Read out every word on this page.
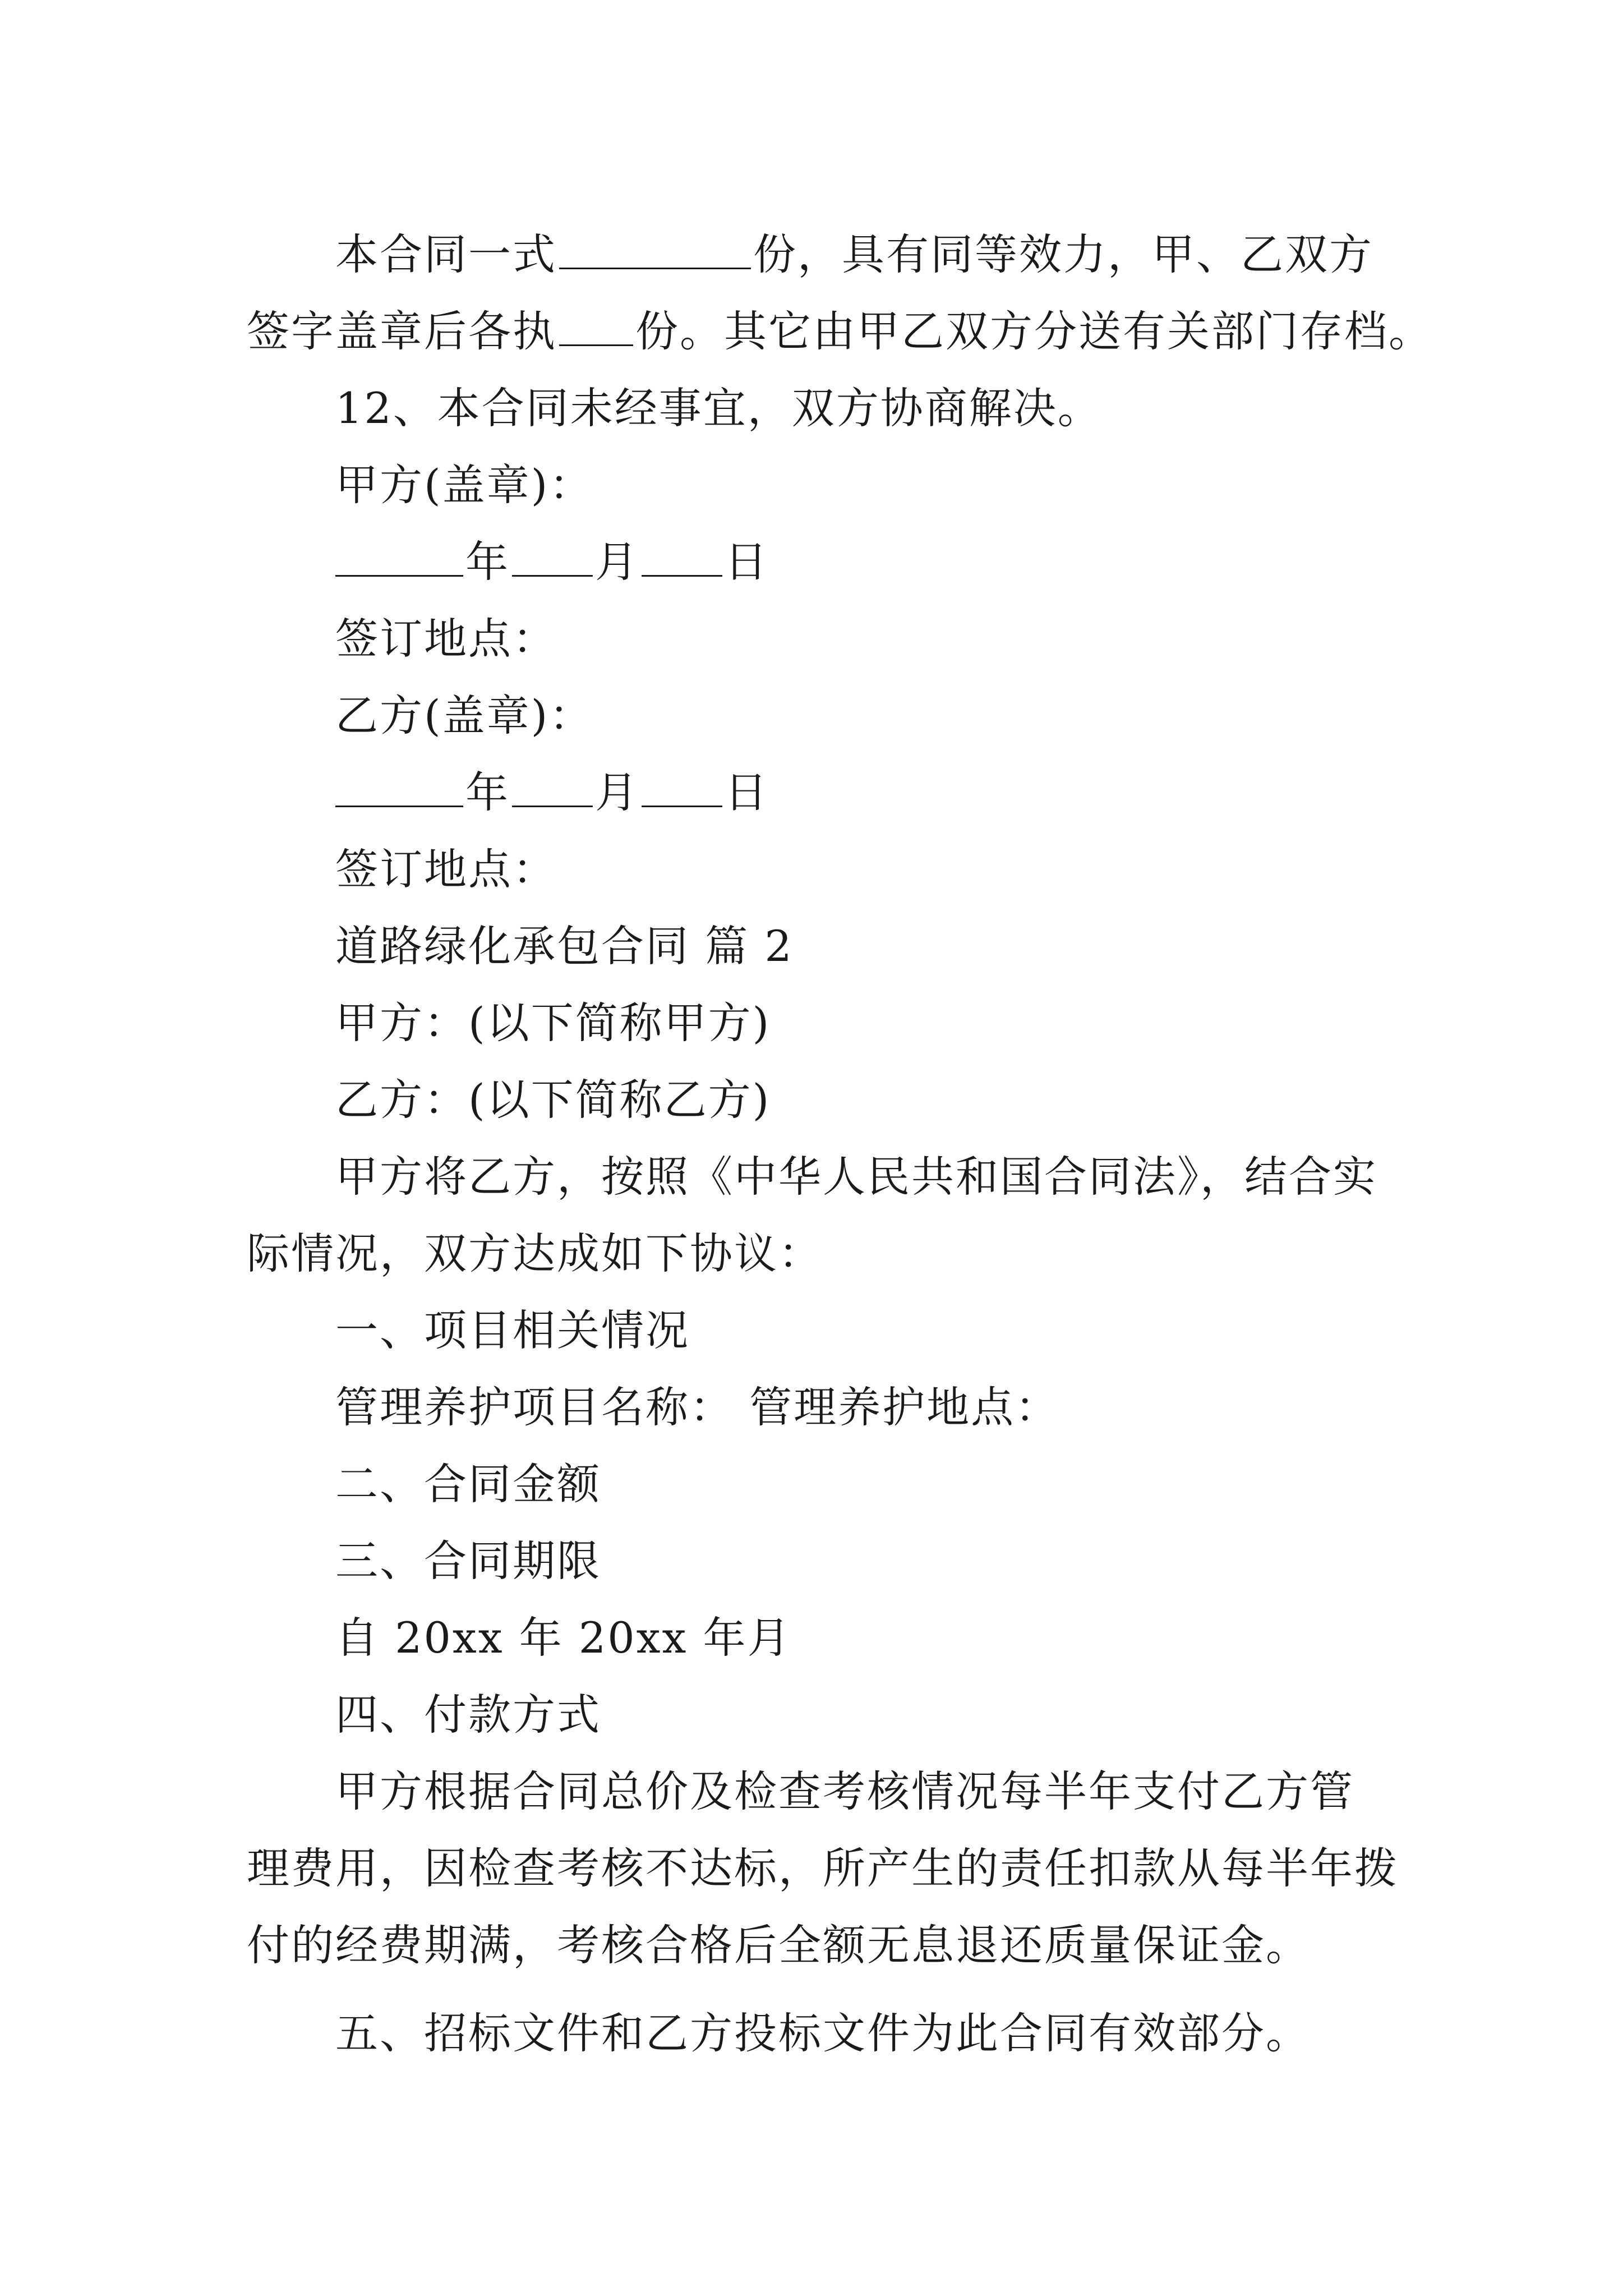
本合同一式	份，具有同等效力，甲、乙双方
签字盖章后各执 份。其它由甲乙双方分送有关部门存档。
12、本合同未经事宜，双方协商解决。
甲方(盖章)：
年 月 日
签订地点：
乙方(盖章)：
年 月 日
签订地点：
道路绿化承包合同 篇 2
甲方：(以下简称甲方)
乙方：(以下简称乙方)
甲方将乙方，按照《中华人民共和国合同法》，结合实
际情况，双方达成如下协议：
一、项目相关情况
管理养护项目名称： 管理养护地点：
二、合同金额
三、合同期限
自 20xx 年 20xx 年月
四、付款方式
甲方根据合同总价及检查考核情况每半年支付乙方管
理费用，因检查考核不达标，所产生的责任扣款从每半年拨
付的经费期满，考核合格后全额无息退还质量保证金。
五、招标文件和乙方投标文件为此合同有效部分。
